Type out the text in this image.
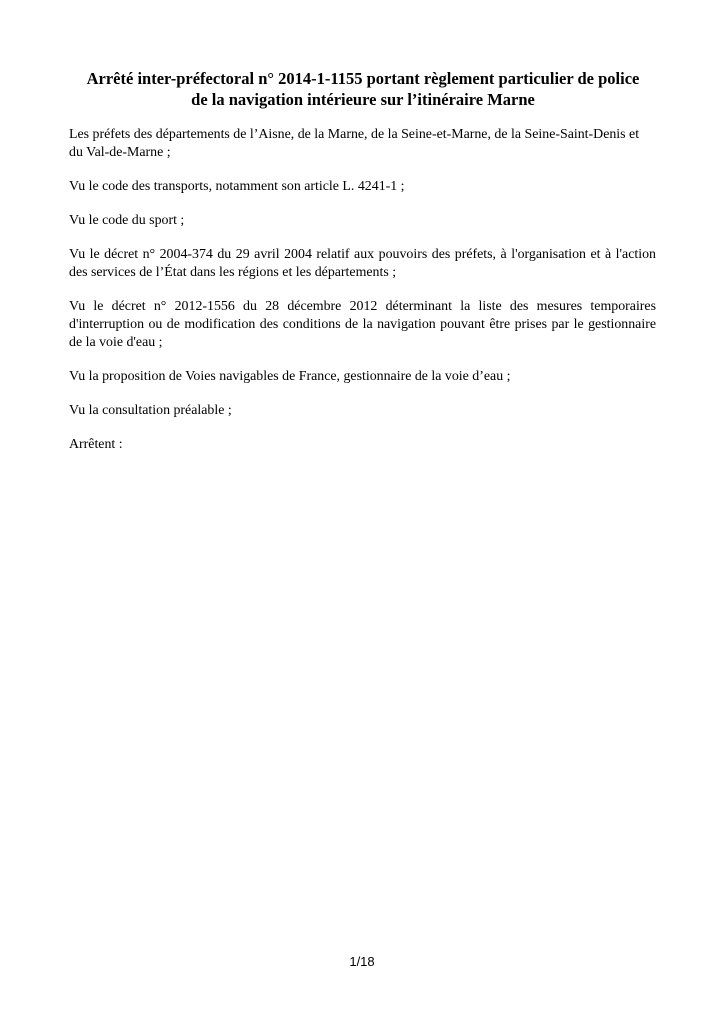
Arrêté inter-préfectoral n° 2014-1-1155 portant règlement particulier de police
de la navigation intérieure sur l’itinéraire Marne

Les préfets des départements de l’Aisne, de la Marne, de la Seine-et-Marne, de la Seine-Saint-Denis et du Val-de-Marne ;

Vu le code des transports, notamment son article L. 4241-1 ;

Vu le code du sport ;

Vu le décret n° 2004-374 du 29 avril 2004 relatif aux pouvoirs des préfets, à l'organisation et à l'action des services de l’État dans les régions et les départements ;

Vu le décret n° 2012-1556 du 28 décembre 2012 déterminant la liste des mesures temporaires d'interruption ou de modification des conditions de la navigation pouvant être prises par le gestionnaire de la voie d'eau ;

Vu la proposition de Voies navigables de France, gestionnaire de la voie d’eau ;

Vu la consultation préalable ;

Arrêtent :

1/18
